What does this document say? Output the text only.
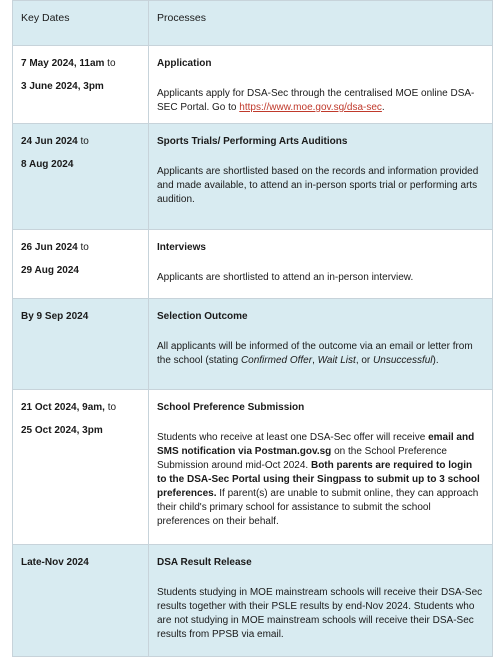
Key Dates	Processes

7 May 2024, 11am to
3 June 2024, 3pm	Application
Applicants apply for DSA-Sec through the centralised MOE online DSA-SEC Portal. Go to https://www.moe.gov.sg/dsa-sec.

24 Jun 2024 to
8 Aug 2024	Sports Trials/ Performing Arts Auditions
Applicants are shortlisted based on the records and information provided and made available, to attend an in-person sports trial or performing arts audition.

26 Jun 2024 to
29 Aug 2024	Interviews
Applicants are shortlisted to attend an in-person interview.

By 9 Sep 2024	Selection Outcome
All applicants will be informed of the outcome via an email or letter from the school (stating Confirmed Offer, Wait List, or Unsuccessful).

21 Oct 2024, 9am, to
25 Oct 2024, 3pm	School Preference Submission
Students who receive at least one DSA-Sec offer will receive email and SMS notification via Postman.gov.sg on the School Preference Submission around mid-Oct 2024. Both parents are required to login to the DSA-Sec Portal using their Singpass to submit up to 3 school preferences. If parent(s) are unable to submit online, they can approach their child's primary school for assistance to submit the school preferences on their behalf.

Late-Nov 2024	DSA Result Release
Students studying in MOE mainstream schools will receive their DSA-Sec results together with their PSLE results by end-Nov 2024. Students who are not studying in MOE mainstream schools will receive their DSA-Sec results from PPSB via email.
